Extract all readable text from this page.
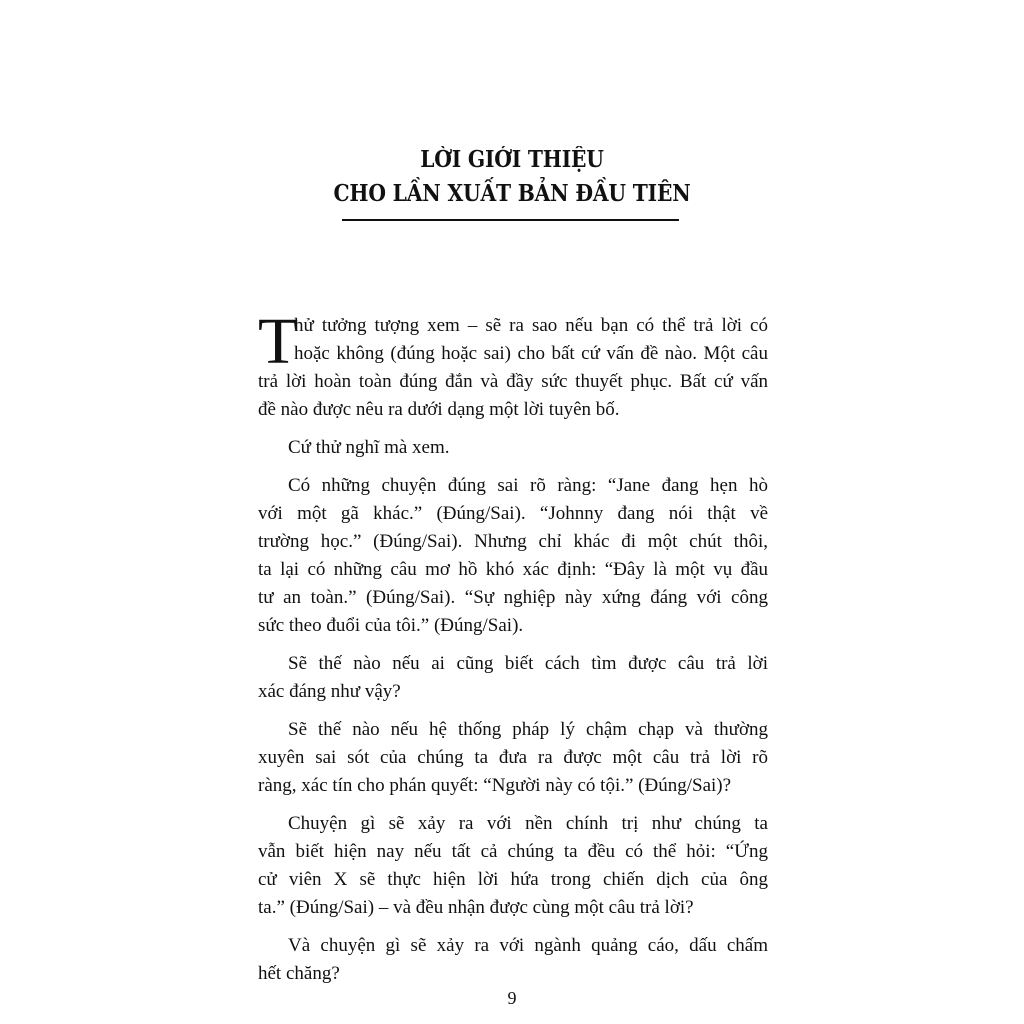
LỜI GIỚI THIỆU
CHO LẦN XUẤT BẢN ĐẦU TIÊN
T
hử tưởng tượng xem – sẽ ra sao nếu bạn có thể trả lời có
hoặc không (đúng hoặc sai) cho bất cứ vấn đề nào. Một câu
trả lời hoàn toàn đúng đắn và đầy sức thuyết phục. Bất cứ vấn
đề nào được nêu ra dưới dạng một lời tuyên bố.
Cứ thử nghĩ mà xem.
Có những chuyện đúng sai rõ ràng: “Jane đang hẹn hò
với một gã khác.” (Đúng/Sai). “Johnny đang nói thật về
trường học.” (Đúng/Sai). Nhưng chỉ khác đi một chút thôi,
ta lại có những câu mơ hồ khó xác định: “Đây là một vụ đầu
tư an toàn.” (Đúng/Sai). “Sự nghiệp này xứng đáng với công
sức theo đuổi của tôi.” (Đúng/Sai).
Sẽ thế nào nếu ai cũng biết cách tìm được câu trả lời
xác đáng như vậy?
Sẽ thế nào nếu hệ thống pháp lý chậm chạp và thường
xuyên sai sót của chúng ta đưa ra được một câu trả lời rõ
ràng, xác tín cho phán quyết: “Người này có tội.” (Đúng/Sai)?
Chuyện gì sẽ xảy ra với nền chính trị như chúng ta
vẫn biết hiện nay nếu tất cả chúng ta đều có thể hỏi: “Ứng
cử viên X sẽ thực hiện lời hứa trong chiến dịch của ông
ta.” (Đúng/Sai) – và đều nhận được cùng một câu trả lời?
Và chuyện gì sẽ xảy ra với ngành quảng cáo, dấu chấm
hết chăng?
9
